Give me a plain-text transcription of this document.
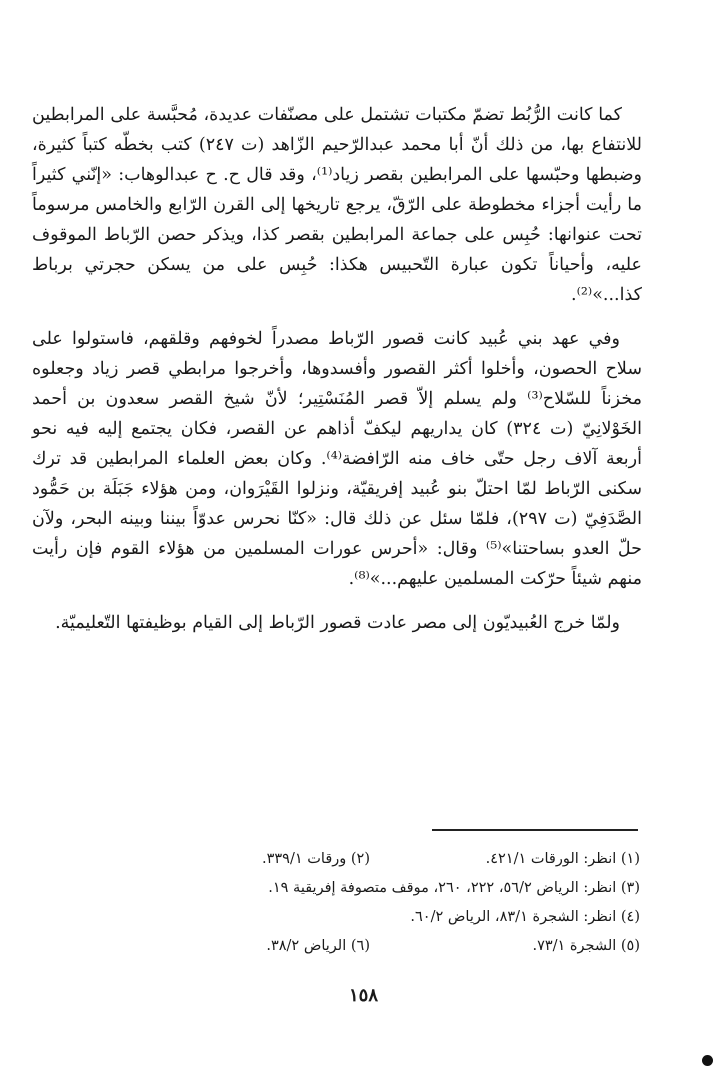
كما كانت الرُّبُط تضمّ مكتبات تشتمل على مصنّفات عديدة، مُحبَّسة على المرابطين للانتفاع بها، من ذلك أنّ أبا محمد عبدالرّحيم الزّاهد (ت ٢٤٧) كتب بخطّه كتباً كثيرة، وضبطها وحبّسها على المرابطين بقصر زياد⁽¹⁾، وقد قال ح. ح عبدالوهاب: «إنّني كثيراً ما رأيت أجزاء مخطوطة على الرّقّ، يرجع تاريخها إلى القرن الرّابع والخامس مرسوماً تحت عنوانها: حُبِس على جماعة المرابطين بقصر كذا، ويذكر حصن الرّباط الموقوف عليه، وأحياناً تكون عبارة التّحبيس هكذا: حُبِس على من يسكن حجرتي برباط كذا...»⁽²⁾.

وفي عهد بني عُبيد كانت قصور الرّباط مصدراً لخوفهم وقلقهم، فاستولوا على سلاح الحصون، وأخلوا أكثر القصور وأفسدوها، وأخرجوا مرابطي قصر زياد وجعلوه مخزناً للسّلاح⁽³⁾ ولم يسلم إلاّ قصر المُنَسْتِير؛ لأنّ شيخ القصر سعدون بن أحمد الخَوْلانِيّ (ت ٣٢٤) كان يداريهم ليكفّ أذاهم عن القصر، فكان يجتمع إليه فيه نحو أربعة آلاف رجل حتّى خاف منه الرّافضة⁽⁴⁾. وكان بعض العلماء المرابطين قد ترك سكنى الرّباط لمّا احتلّ بنو عُبيد إفريقيّة، ونزلوا القَيْرَوان، ومن هؤلاء جَبَلَة بن حَمُّود الصَّدَفِيّ (ت ٢٩٧)، فلمّا سئل عن ذلك قال: «كنّا نحرس عدوّاً بيننا وبينه البحر، ولآن حلّ العدو بساحتنا»⁽⁵⁾ وقال: «أحرس عورات المسلمين من هؤلاء القوم فإن رأيت منهم شيئاً حرّكت المسلمين عليهم...»⁽⁸⁾.

ولمّا خرج العُبيديّون إلى مصر عادت قصور الرّباط إلى القيام بوظيفتها التّعليميّة.

(١) انظر: الورقات ٤٢١/١.
(٢) ورقات ٣٣٩/١.
(٣) انظر: الرياض ٥٦/٢، ٢٢٢، ٢٦٠، موقف متصوفة إفريقية ١٩.
(٤) انظر: الشجرة ٨٣/١، الرياض ٦٠/٢.
(٥) الشجرة ٧٣/١.
(٦) الرياض ٣٨/٢.
١٥٨
